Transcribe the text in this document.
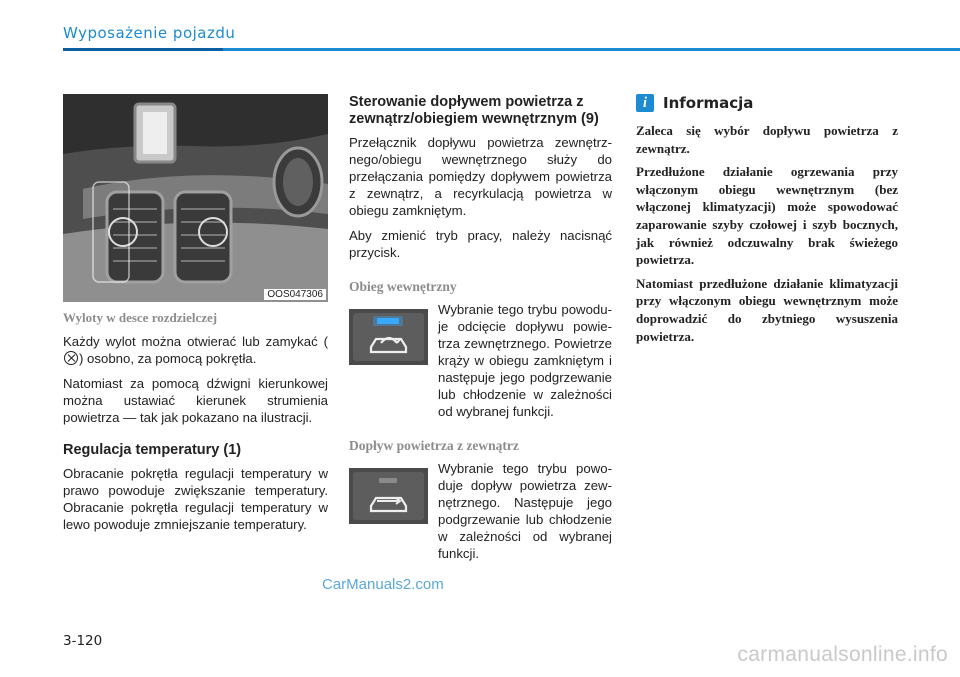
Wyposażenie pojazdu
OOS047306
Wyloty w desce rozdzielczej

Każdy wylot można otwierać lub zamykać () osobno, za pomocą pokrętła.

Natomiast za pomocą dźwigni kierunkowej można ustawiać kierunek strumienia powietrza — tak jak pokazano na ilustracji.

Regulacja temperatury (1)

Obracanie pokrętła regulacji temperatury w prawo powoduje zwiększanie temperatury. Obracanie pokrętła regulacji temperatury w lewo powoduje zmniejszanie temperatury.

Sterowanie dopływem powietrza z zewnątrz/obiegiem wewnętrznym (9)

Przełącznik dopływu powietrza zewnętrznego/obiegu wewnętrznego służy do przełączania pomiędzy dopływem powietrza z zewnątrz, a recyrkulacją powietrza w obiegu zamkniętym.

Aby zmienić tryb pracy, należy nacisnąć przycisk.

Obieg wewnętrzny

Wybranie tego trybu powoduje odcięcie dopływu powietrza zewnętrznego. Powietrze krąży w obiegu zamkniętym i następuje jego podgrzewanie lub chłodzenie w zależności od wybranej funkcji.

Dopływ powietrza z zewnątrz

Wybranie tego trybu powoduje dopływ powietrza zewnętrznego. Następuje jego podgrzewanie lub chłodzenie w zależności od wybranej funkcji.

i	Informacja

Zaleca się wybór dopływu powietrza z zewnątrz.

Przedłużone działanie ogrzewania przy włączonym obiegu wewnętrznym (bez włączonej klimatyzacji) może spowodować zaparowanie szyby czołowej i szyb bocznych, jak również odczuwalny brak świeżego powietrza.

Natomiast przedłużone działanie klimatyzacji przy włączonym obiegu wewnętrznym może doprowadzić do zbytniego wysuszenia powietrza.

CarManuals2.com
3-120
carmanualsonline.info
